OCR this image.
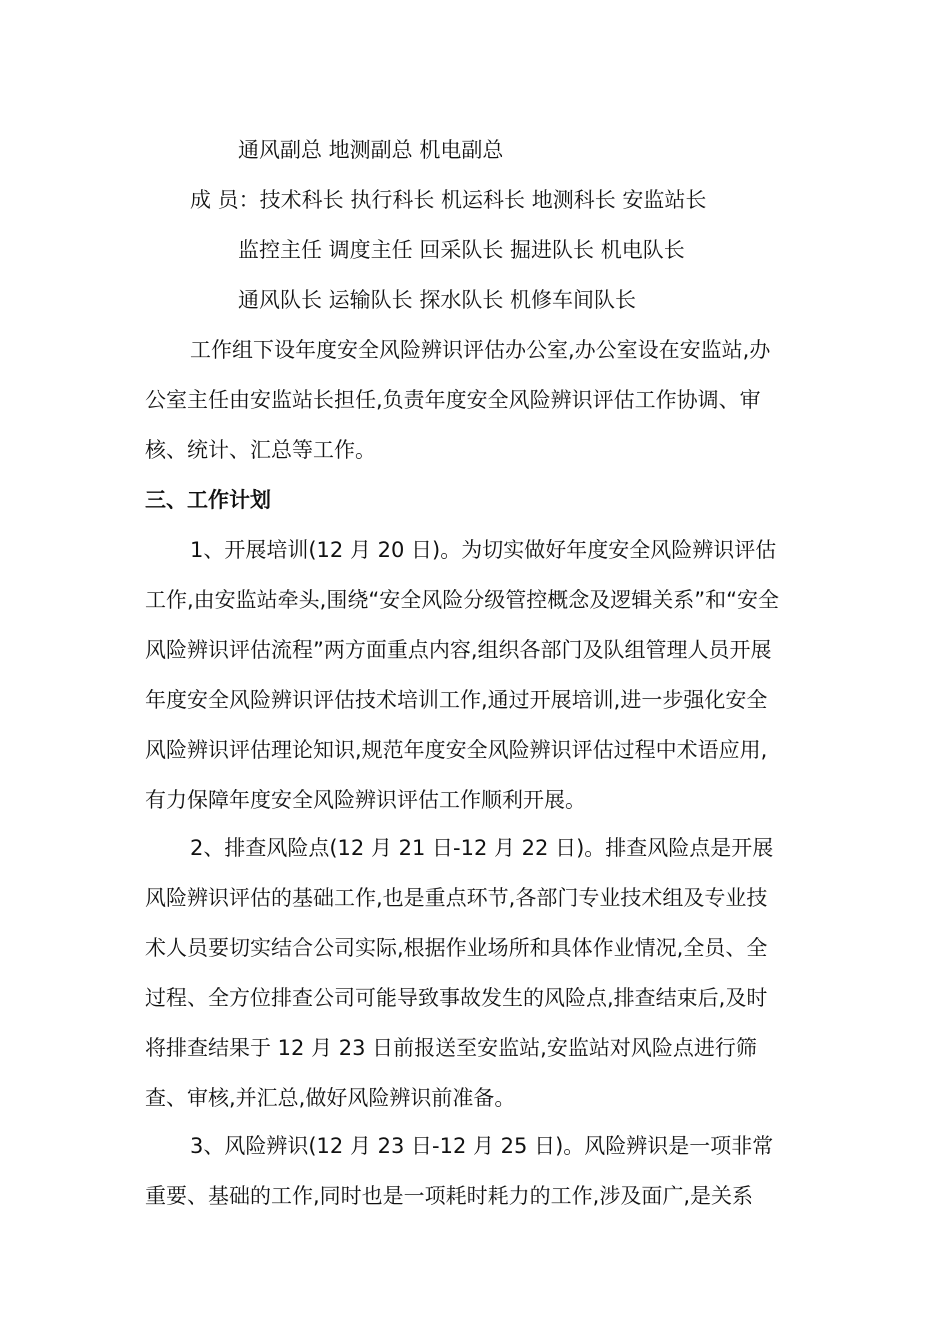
通风副总 地测副总 机电副总
成 员：技术科长 执行科长 机运科长 地测科长 安监站长
监控主任 调度主任 回采队长 掘进队长 机电队长
通风队长 运输队长 探水队长 机修车间队长
工作组下设年度安全风险辨识评估办公室,办公室设在安监站,办
公室主任由安监站长担任,负责年度安全风险辨识评估工作协调、审
核、统计、汇总等工作。
三、工作计划
1、开展培训(12 月 20 日)。为切实做好年度安全风险辨识评估
工作,由安监站牵头,围绕“安全风险分级管控概念及逻辑关系”和“安全
风险辨识评估流程”两方面重点内容,组织各部门及队组管理人员开展
年度安全风险辨识评估技术培训工作,通过开展培训,进一步强化安全
风险辨识评估理论知识,规范年度安全风险辨识评估过程中术语应用,
有力保障年度安全风险辨识评估工作顺利开展。
2、排查风险点(12 月 21 日-12 月 22 日)。排查风险点是开展
风险辨识评估的基础工作,也是重点环节,各部门专业技术组及专业技
术人员要切实结合公司实际,根据作业场所和具体作业情况,全员、全
过程、全方位排查公司可能导致事故发生的风险点,排查结束后,及时
将排查结果于 12 月 23 日前报送至安监站,安监站对风险点进行筛
查、审核,并汇总,做好风险辨识前准备。
3、风险辨识(12 月 23 日-12 月 25 日)。风险辨识是一项非常
重要、基础的工作,同时也是一项耗时耗力的工作,涉及面广,是关系
